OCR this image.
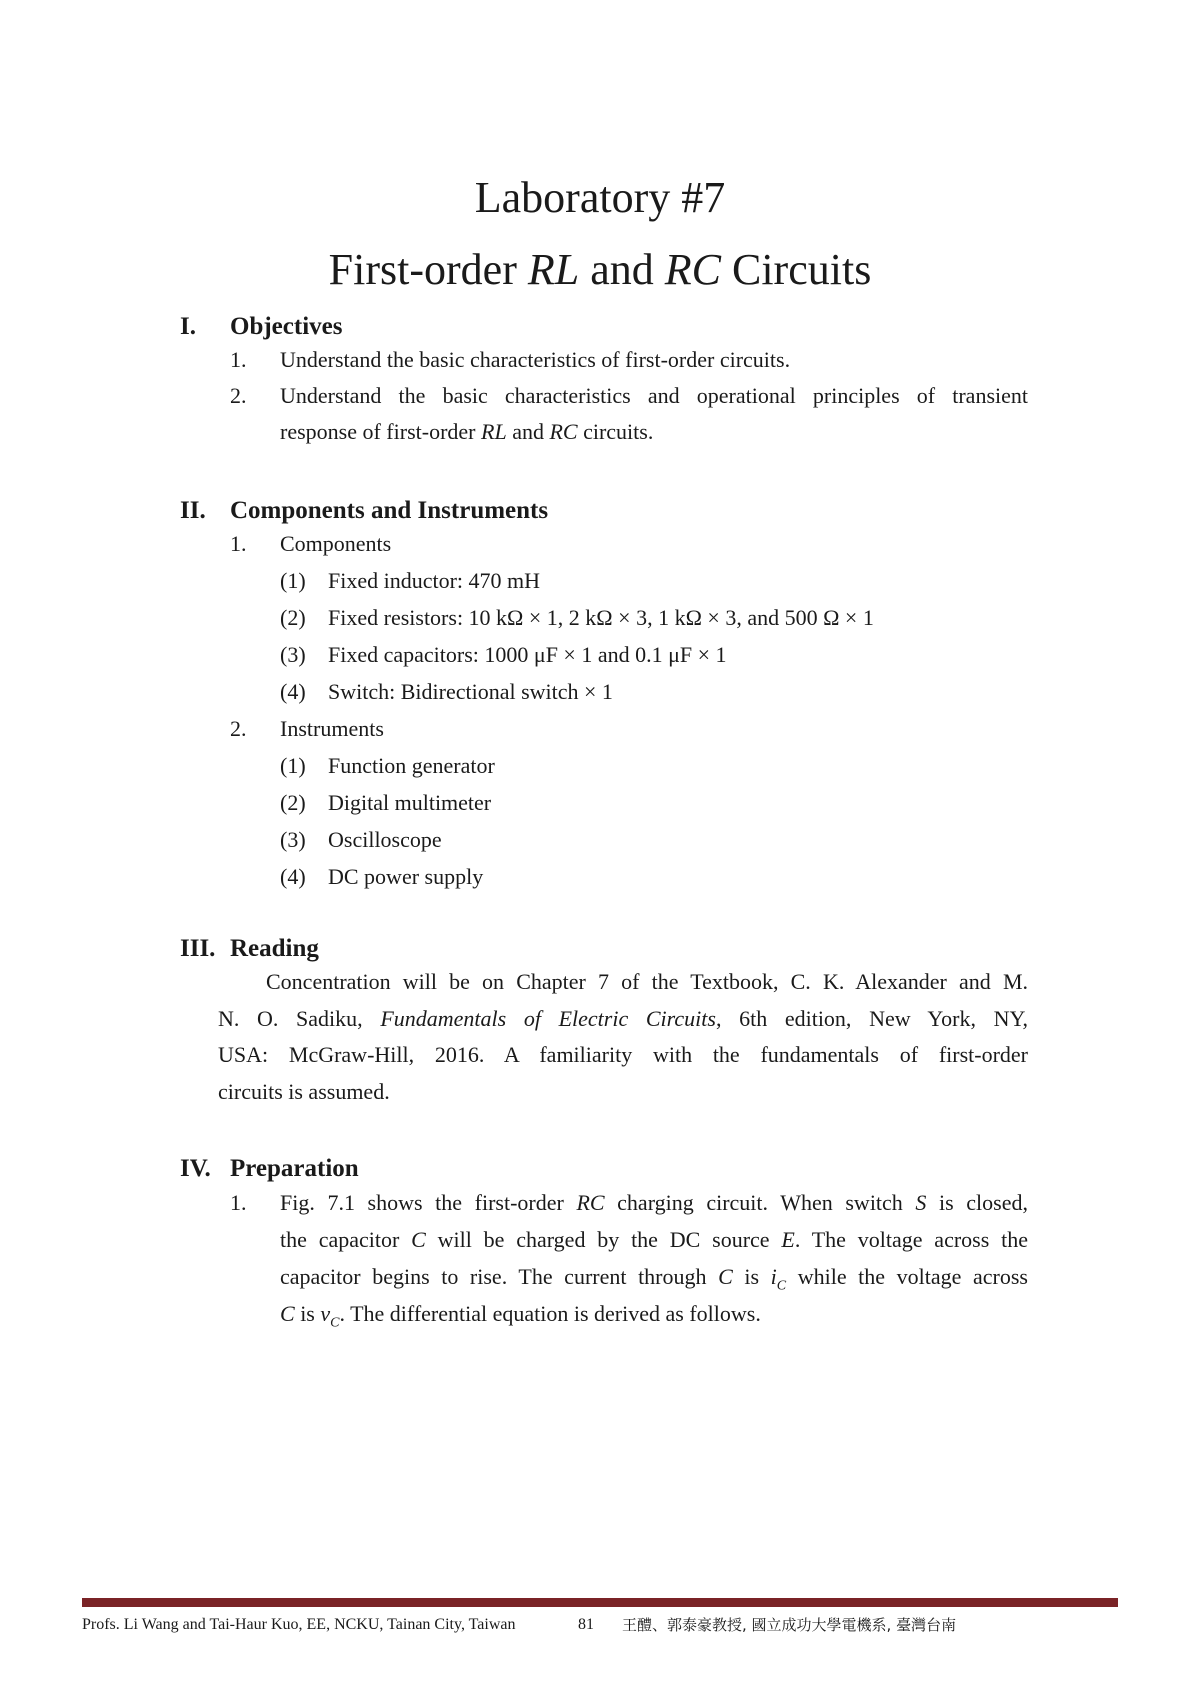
Laboratory #7
First-order RL and RC Circuits
I. Objectives
1. Understand the basic characteristics of first-order circuits.
2. Understand the basic characteristics and operational principles of transient
response of first-order RL and RC circuits.
II. Components and Instruments
1. Components
(1) Fixed inductor: 470 mH
(2) Fixed resistors: 10 kΩ × 1, 2 kΩ × 3, 1 kΩ × 3, and 500 Ω × 1
(3) Fixed capacitors: 1000 μF × 1 and 0.1 μF × 1
(4) Switch: Bidirectional switch × 1
2. Instruments
(1) Function generator
(2) Digital multimeter
(3) Oscilloscope
(4) DC power supply
III. Reading
Concentration will be on Chapter 7 of the Textbook, C. K. Alexander and M.
N. O. Sadiku, Fundamentals of Electric Circuits, 6th edition, New York, NY,
USA: McGraw-Hill, 2016. A familiarity with the fundamentals of first-order
circuits is assumed.
IV. Preparation
1. Fig. 7.1 shows the first-order RC charging circuit. When switch S is closed,
the capacitor C will be charged by the DC source E. The voltage across the
capacitor begins to rise. The current through C is $i_C$ while the voltage across
C is $v_C$. The differential equation is derived as follows.
Profs. Li Wang and Tai-Haur Kuo, EE, NCKU, Tainan City, Taiwan	81 王醴、郭泰豪教授, 國立成功大學電機系, 臺灣台南
